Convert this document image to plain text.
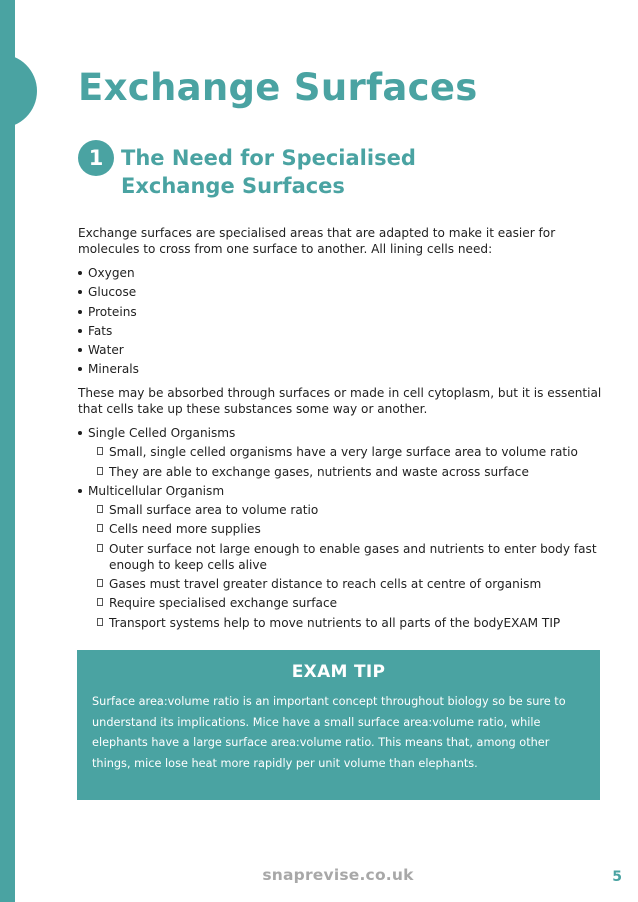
Exchange Surfaces
1 The Need for Specialised
Exchange Surfaces

Exchange surfaces are specialised areas that are adapted to make it easier for molecules to cross from one surface to another. All lining cells need:

Oxygen
Glucose
Proteins
Fats
Water
Minerals

These may be absorbed through surfaces or made in cell cytoplasm, but it is essential that cells take up these substances some way or another.

Single Celled Organisms
Small, single celled organisms have a very large surface area to volume ratio
They are able to exchange gases, nutrients and waste across surface
Multicellular Organism
Small surface area to volume ratio
Cells need more supplies
Outer surface not large enough to enable gases and nutrients to enter body fast enough to keep cells alive
Gases must travel greater distance to reach cells at centre of organism
Require specialised exchange surface
Transport systems help to move nutrients to all parts of the bodyEXAM TIP
EXAM TIP

Surface area:volume ratio is an important concept throughout biology so be sure to understand its implications. Mice have a small surface area:volume ratio, while elephants have a large surface area:volume ratio. This means that, among other things, mice lose heat more rapidly per unit volume than elephants.

snaprevise.co.uk	5
